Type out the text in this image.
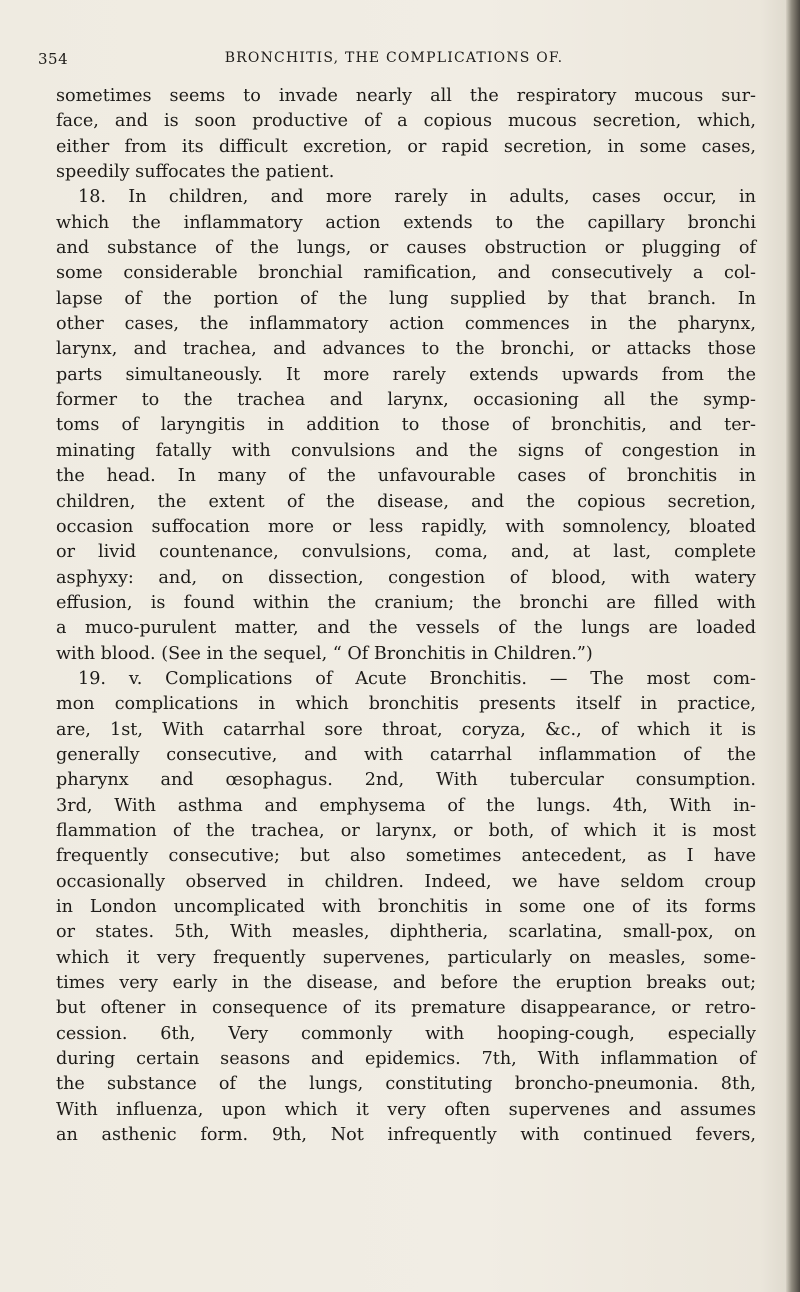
354	BRONCHITIS, THE COMPLICATIONS OF.
sometimes seems to invade nearly all the respiratory mucous sur-
face, and is soon productive of a copious mucous secretion, which,
either from its difficult excretion, or rapid secretion, in some cases,
speedily suffocates the patient.
18. In children, and more rarely in adults, cases occur, in
which the inflammatory action extends to the capillary bronchi
and substance of the lungs, or causes obstruction or plugging of
some considerable bronchial ramification, and consecutively a col-
lapse of the portion of the lung supplied by that branch. In
other cases, the inflammatory action commences in the pharynx,
larynx, and trachea, and advances to the bronchi, or attacks those
parts simultaneously. It more rarely extends upwards from the
former to the trachea and larynx, occasioning all the symp-
toms of laryngitis in addition to those of bronchitis, and ter-
minating fatally with convulsions and the signs of congestion in
the head. In many of the unfavourable cases of bronchitis in
children, the extent of the disease, and the copious secretion,
occasion suffocation more or less rapidly, with somnolency, bloated
or livid countenance, convulsions, coma, and, at last, complete
asphyxy: and, on dissection, congestion of blood, with watery
effusion, is found within the cranium; the bronchi are filled with
a muco-purulent matter, and the vessels of the lungs are loaded
with blood. (See in the sequel, “ Of Bronchitis in Children.”)
19. v. Complications of Acute Bronchitis. — The most com-
mon complications in which bronchitis presents itself in practice,
are, 1st, With catarrhal sore throat, coryza, &c., of which it is
generally consecutive, and with catarrhal inflammation of the
pharynx and œsophagus. 2nd, With tubercular consumption.
3rd, With asthma and emphysema of the lungs. 4th, With in-
flammation of the trachea, or larynx, or both, of which it is most
frequently consecutive; but also sometimes antecedent, as I have
occasionally observed in children. Indeed, we have seldom croup
in London uncomplicated with bronchitis in some one of its forms
or states. 5th, With measles, diphtheria, scarlatina, small-pox, on
which it very frequently supervenes, particularly on measles, some-
times very early in the disease, and before the eruption breaks out;
but oftener in consequence of its premature disappearance, or retro-
cession. 6th, Very commonly with hooping-cough, especially
during certain seasons and epidemics. 7th, With inflammation of
the substance of the lungs, constituting broncho-pneumonia. 8th,
With influenza, upon which it very often supervenes and assumes
an asthenic form. 9th, Not infrequently with continued fevers,
